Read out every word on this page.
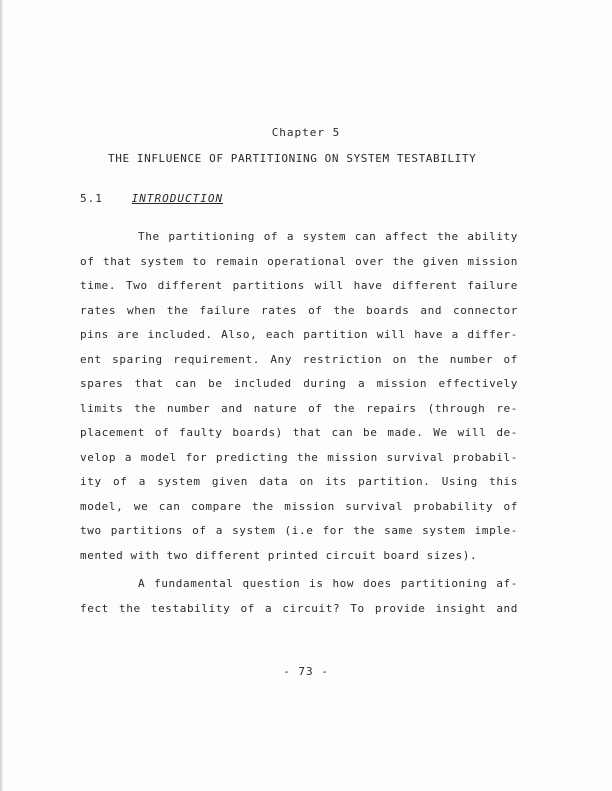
Chapter 5
THE INFLUENCE OF PARTITIONING ON SYSTEM TESTABILITY
5.1	INTRODUCTION
The partitioning of a system can affect the ability
of that system to remain operational over the given mission
time. Two different partitions will have different failure
rates when the failure rates of the boards and connector
pins are included. Also, each partition will have a differ-
ent sparing requirement. Any restriction on the number of
spares that can be included during a mission effectively
limits the number and nature of the repairs (through re-
placement of faulty boards) that can be made. We will de-
velop a model for predicting the mission survival probabil-
ity of a system given data on its partition. Using this
model, we can compare the mission survival probability of
two partitions of a system (i.e for the same system imple-
mented with two different printed circuit board sizes).
A fundamental question is how does partitioning af-
fect the testability of a circuit? To provide insight and
- 73 -
